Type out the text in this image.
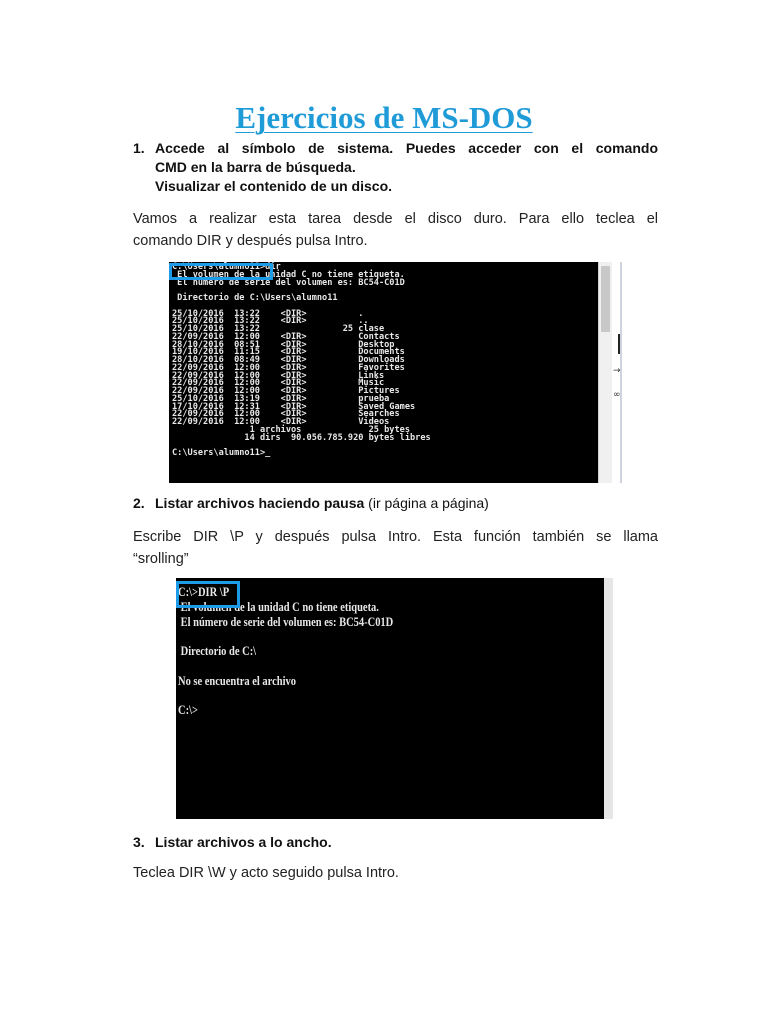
Ejercicios de MS-DOS
1. Accede al símbolo de sistema. Puedes acceder con el comando
CMD en la barra de búsqueda.
Visualizar el contenido de un disco.
Vamos a realizar esta tarea desde el disco duro. Para ello teclea el
comando DIR y después pulsa Intro.
C:\Users\alumno11>dir
El volumen de la unidad C no tiene etiqueta.
El número de serie del volumen es: BC54-C01D

Directorio de C:\Users\alumno11

25/10/2016  13:22    <DIR>          .
25/10/2016  13:22    <DIR>          ..
25/10/2016  13:22                25 clase
22/09/2016  12:00    <DIR>          Contacts
28/10/2016  08:51    <DIR>          Desktop
19/10/2016  11:15    <DIR>          Documents
28/10/2016  08:49    <DIR>          Downloads
22/09/2016  12:00    <DIR>          Favorites
22/09/2016  12:00    <DIR>          Links
22/09/2016  12:00    <DIR>          Music
22/09/2016  12:00    <DIR>          Pictures
25/10/2016  13:19    <DIR>          prueba
17/10/2016  12:31    <DIR>          Saved Games
22/09/2016  12:00    <DIR>          Searches
22/09/2016  12:00    <DIR>          Videos
1 archivos             25 bytes
14 dirs  90.056.785.920 bytes libres

C:\Users\alumno11>_
→
∞
2. Listar archivos haciendo pausa (ir página a página)
Escribe DIR \P y después pulsa Intro. Esta función también se llama
“srolling”
C:\>DIR \P
El volumen de la unidad C no tiene etiqueta.
El número de serie del volumen es: BC54-C01D

Directorio de C:\

No se encuentra el archivo

C:\>
3. Listar archivos a lo ancho.
Teclea DIR \W y acto seguido pulsa Intro.
